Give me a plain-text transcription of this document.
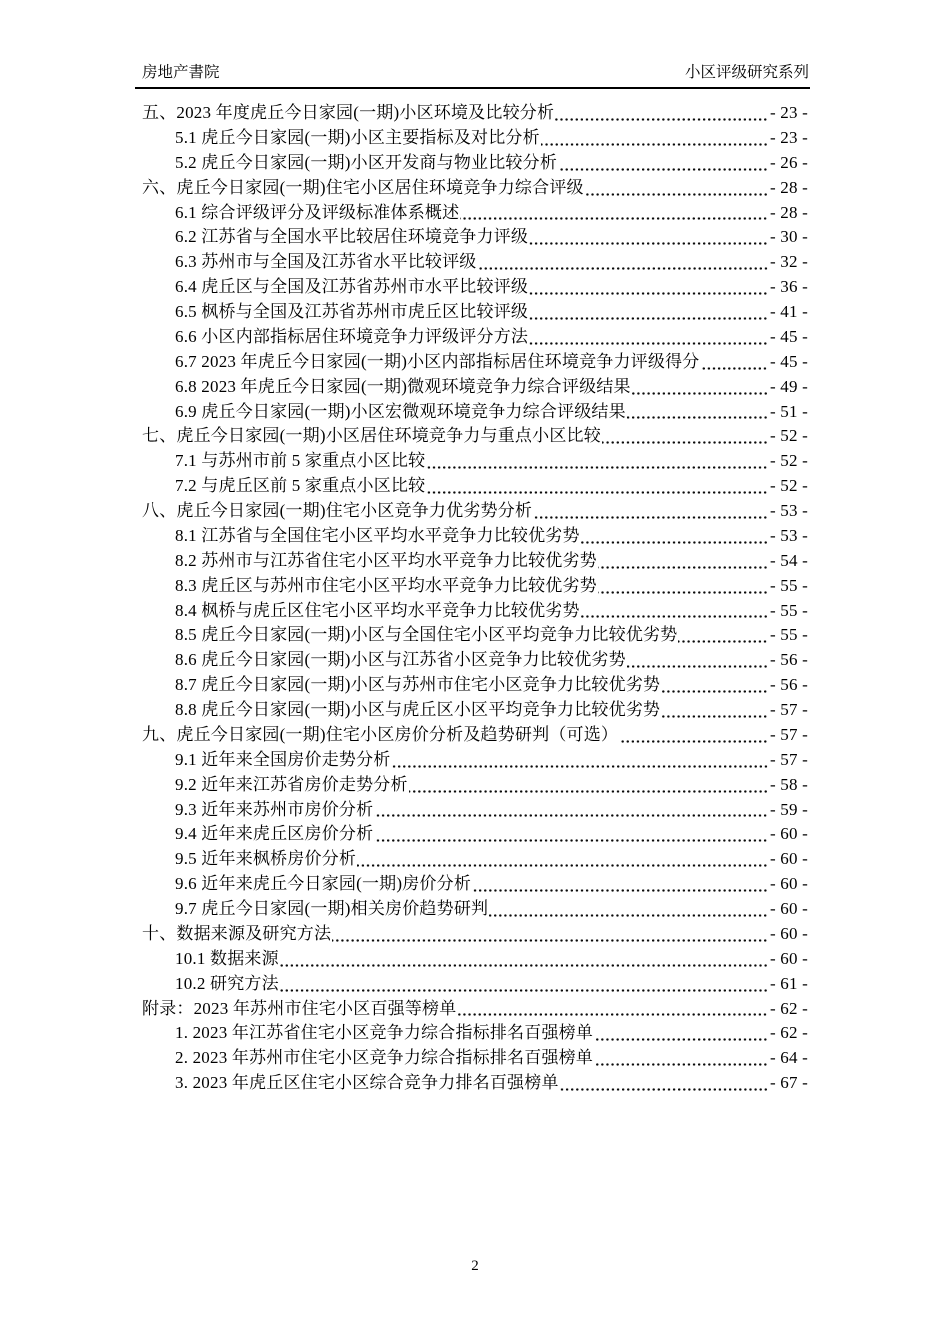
房地产書院	小区评级研究系列
五、2023 年度虎丘今日家园(一期)小区环境及比较分析	- 23 -
5.1 虎丘今日家园(一期)小区主要指标及对比分析	- 23 -
5.2 虎丘今日家园(一期)小区开发商与物业比较分析	- 26 -
六、虎丘今日家园(一期)住宅小区居住环境竞争力综合评级	- 28 -
6.1 综合评级评分及评级标准体系概述	- 28 -
6.2 江苏省与全国水平比较居住环境竞争力评级	- 30 -
6.3 苏州市与全国及江苏省水平比较评级	- 32 -
6.4 虎丘区与全国及江苏省苏州市水平比较评级	- 36 -
6.5 枫桥与全国及江苏省苏州市虎丘区比较评级	- 41 -
6.6 小区内部指标居住环境竞争力评级评分方法	- 45 -
6.7 2023 年虎丘今日家园(一期)小区内部指标居住环境竞争力评级得分	- 45 -
6.8 2023 年虎丘今日家园(一期)微观环境竞争力综合评级结果	- 49 -
6.9 虎丘今日家园(一期)小区宏微观环境竞争力综合评级结果	- 51 -
七、虎丘今日家园(一期)小区居住环境竞争力与重点小区比较	- 52 -
7.1 与苏州市前 5 家重点小区比较	- 52 -
7.2 与虎丘区前 5 家重点小区比较	- 52 -
八、虎丘今日家园(一期)住宅小区竞争力优劣势分析	- 53 -
8.1 江苏省与全国住宅小区平均水平竞争力比较优劣势	- 53 -
8.2 苏州市与江苏省住宅小区平均水平竞争力比较优劣势	- 54 -
8.3 虎丘区与苏州市住宅小区平均水平竞争力比较优劣势	- 55 -
8.4 枫桥与虎丘区住宅小区平均水平竞争力比较优劣势	- 55 -
8.5 虎丘今日家园(一期)小区与全国住宅小区平均竞争力比较优劣势	- 55 -
8.6 虎丘今日家园(一期)小区与江苏省小区竞争力比较优劣势	- 56 -
8.7 虎丘今日家园(一期)小区与苏州市住宅小区竞争力比较优劣势	- 56 -
8.8 虎丘今日家园(一期)小区与虎丘区小区平均竞争力比较优劣势	- 57 -
九、虎丘今日家园(一期)住宅小区房价分析及趋势研判（可选）	- 57 -
9.1 近年来全国房价走势分析	- 57 -
9.2 近年来江苏省房价走势分析	- 58 -
9.3 近年来苏州市房价分析	- 59 -
9.4 近年来虎丘区房价分析	- 60 -
9.5 近年来枫桥房价分析	- 60 -
9.6 近年来虎丘今日家园(一期)房价分析	- 60 -
9.7 虎丘今日家园(一期)相关房价趋势研判	- 60 -
十、数据来源及研究方法	- 60 -
10.1 数据来源	- 60 -
10.2 研究方法	- 61 -
附录：2023 年苏州市住宅小区百强等榜单	- 62 -
1. 2023 年江苏省住宅小区竞争力综合指标排名百强榜单	- 62 -
2. 2023 年苏州市住宅小区竞争力综合指标排名百强榜单	- 64 -
3. 2023 年虎丘区住宅小区综合竞争力排名百强榜单	- 67 -
2
